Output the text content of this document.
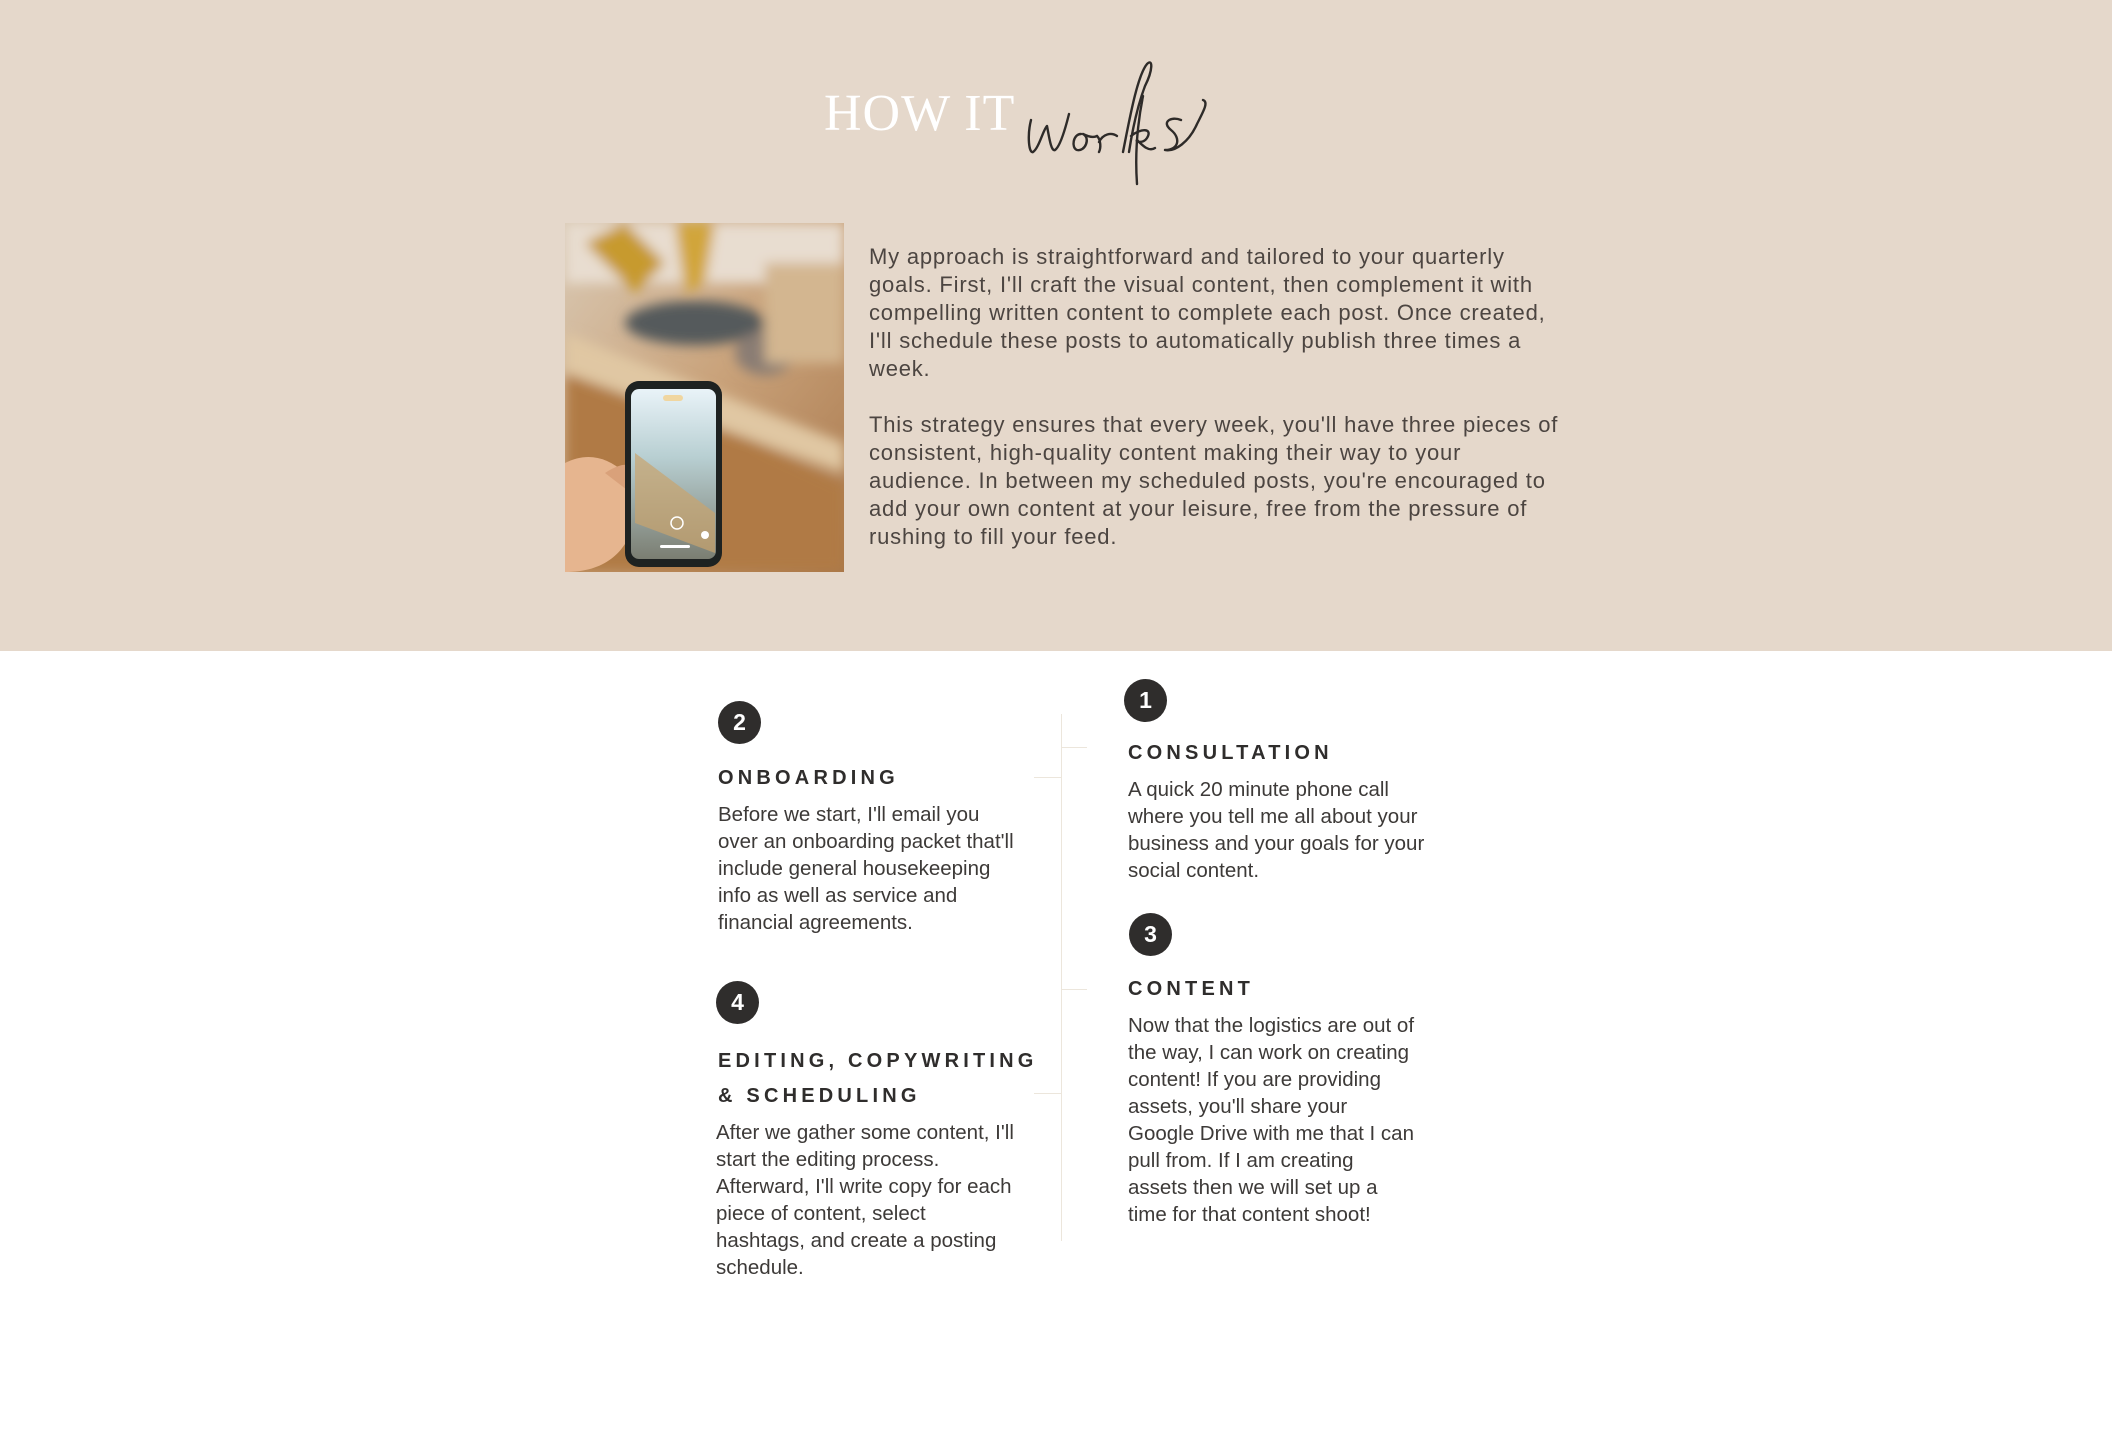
HOW IT

My approach is straightforward and tailored to your quarterly goals. First, I'll craft the visual content, then complement it with compelling written content to complete each post. Once created, I'll schedule these posts to automatically publish three times a week.

This strategy ensures that every week, you'll have three pieces of consistent, high-quality content making their way to your audience. In between my scheduled posts, you're encouraged to add your own content at your leisure, free from the pressure of rushing to fill your feed.

1
CONSULTATION
A quick 20 minute phone call where you tell me all about your business and your goals for your social content.
2
ONBOARDING
Before we start, I'll email you over an onboarding packet that'll include general housekeeping info as well as service and financial agreements.	3
CONTENT
Now that the logistics are out of the way, I can work on creating content! If you are providing assets, you'll share your Google Drive with me that I can pull from. If I am creating assets then we will set up a time for that content shoot!
4
EDITING, COPYWRITING
& SCHEDULING
After we gather some content, I'll start the editing process. Afterward, I'll write copy for each piece of content, select hashtags, and create a posting schedule.
